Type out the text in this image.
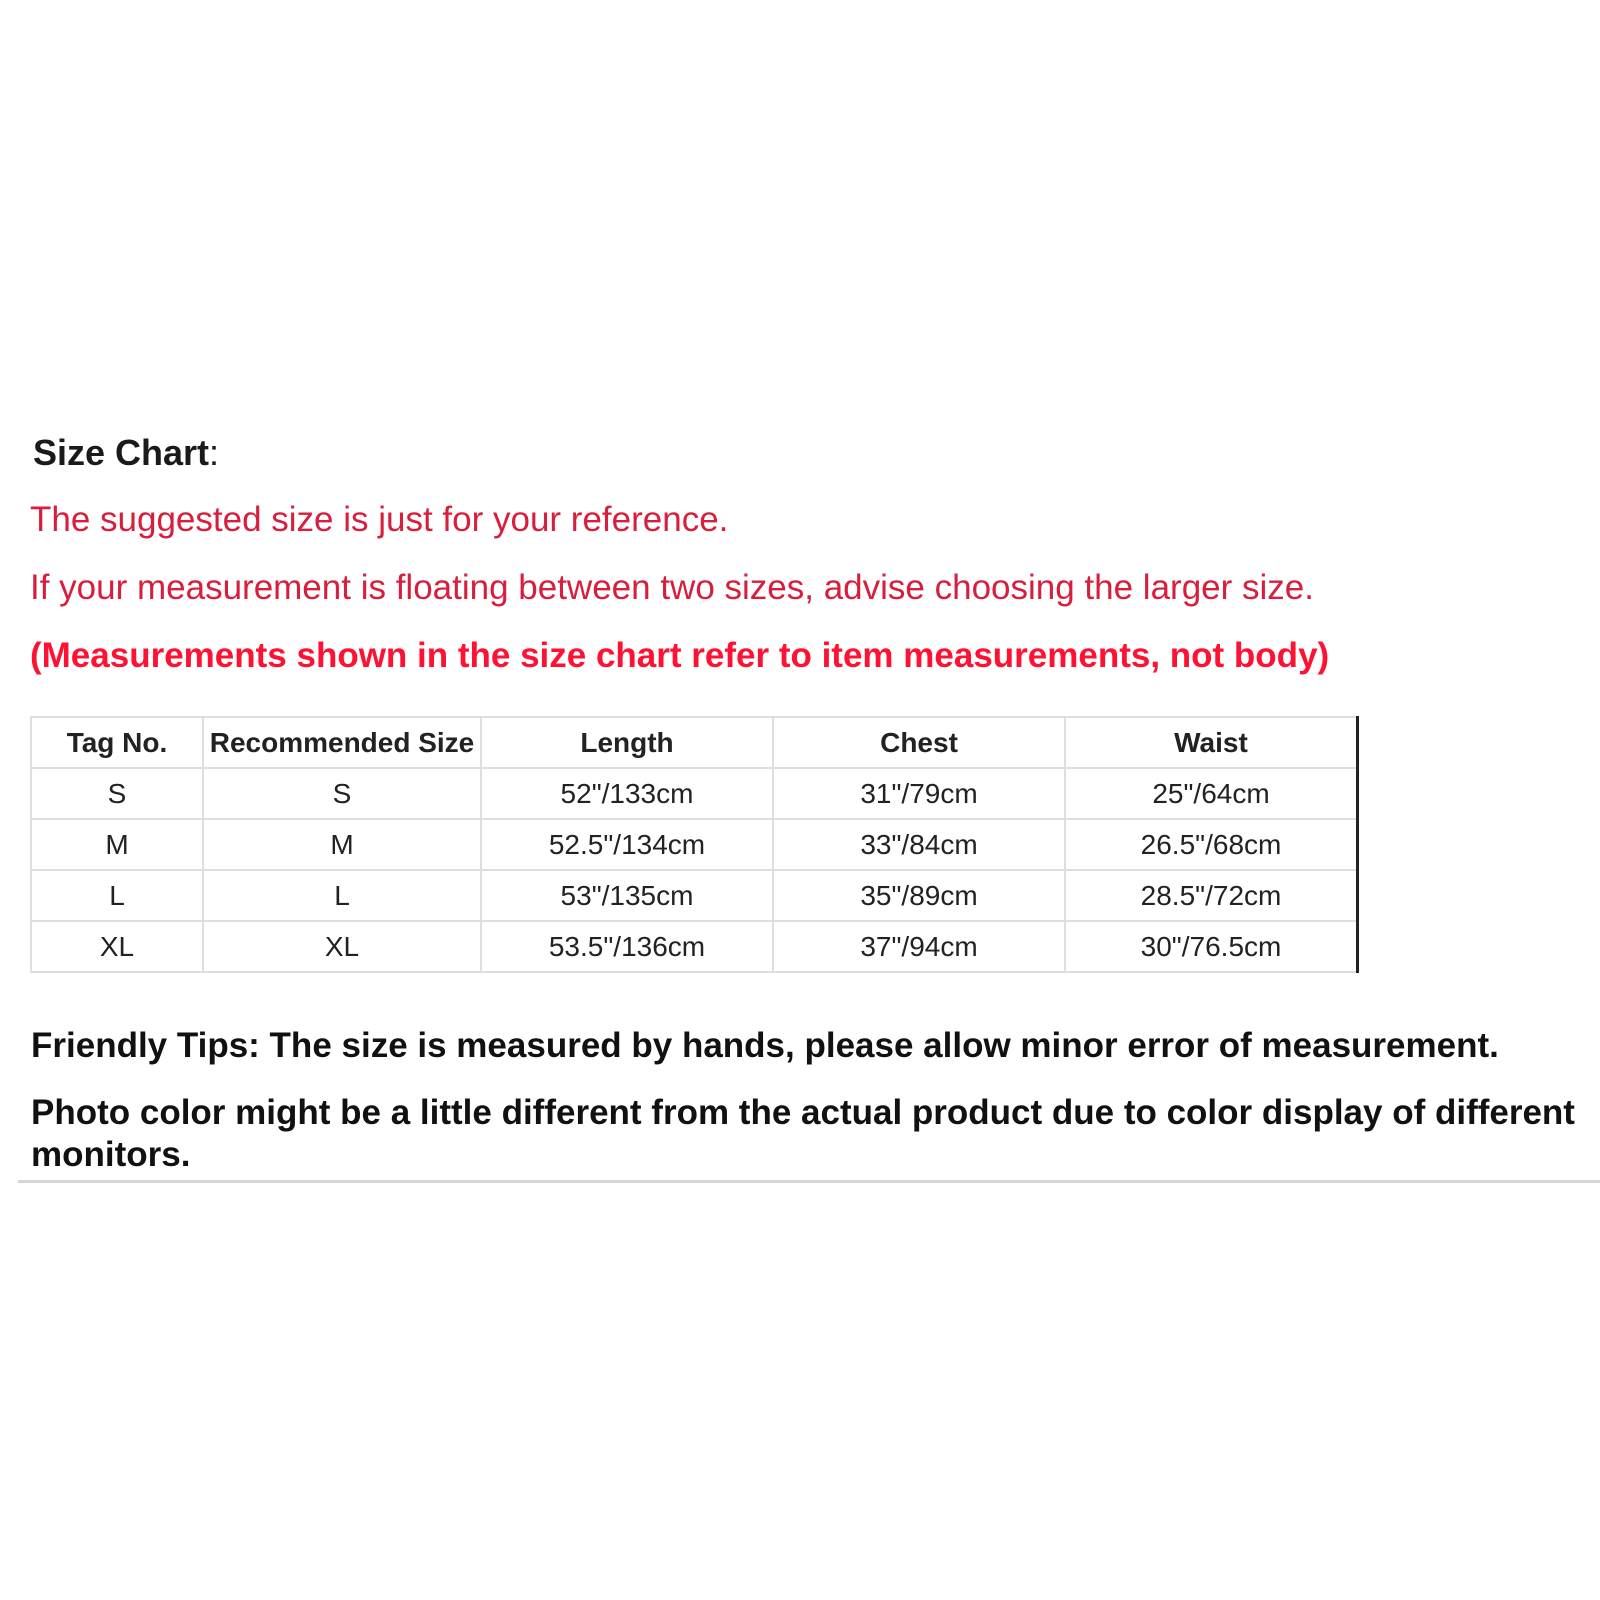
Size Chart:
The suggested size is just for your reference.
If your measurement is floating between two sizes, advise choosing the larger size.
(Measurements shown in the size chart refer to item measurements, not body)
Tag No.	Recommended Size	Length	Chest	Waist
S	S	52"/133cm	31"/79cm	25"/64cm
M	M	52.5"/134cm	33"/84cm	26.5"/68cm
L	L	53"/135cm	35"/89cm	28.5"/72cm
XL	XL	53.5"/136cm	37"/94cm	30"/76.5cm
Friendly Tips: The size is measured by hands, please allow minor error of measurement.
Photo color might be a little different from the actual product due to color display of different monitors.
